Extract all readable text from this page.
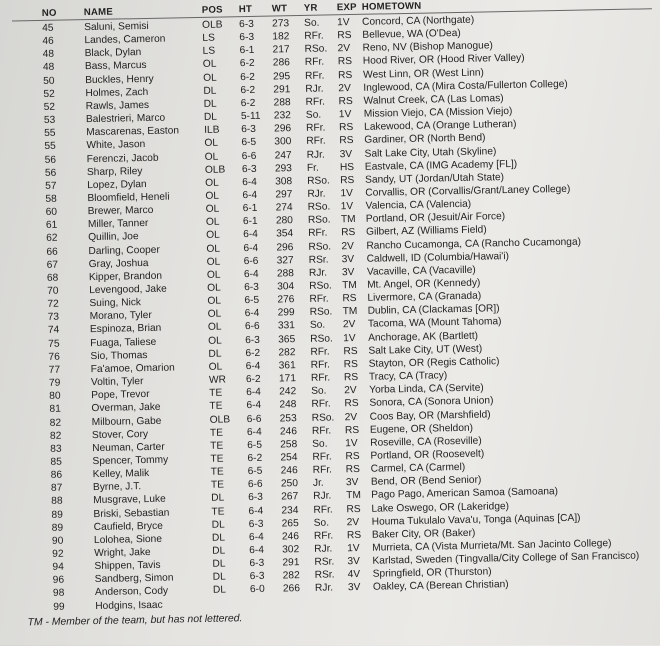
NO	NAME	POS HT WT YR EXP HOMETOWN
45	Saluni, Semisi	OLB 6-3 273 So. 1V Concord, CA (Northgate)
46	Landes, Cameron	LS 6-3 182 RFr. RS Bellevue, WA (O'Dea)
48	Black, Dylan	LS 6-1 217 RSo. 2V Reno, NV (Bishop Manogue)
48	Bass, Marcus	OL 6-2 286 RFr. RS Hood River, OR (Hood River Valley)
50	Buckles, Henry	OL 6-2 295 RFr. RS West Linn, OR (West Linn)
52	Holmes, Zach	DL 6-2 291 RJr. 2V Inglewood, CA (Mira Costa/Fullerton College)
52	Rawls, James	DL 6-2 288 RFr. RS Walnut Creek, CA (Las Lomas)
53	Balestrieri, Marco	DL 5-11 232 So. 1V Mission Viejo, CA (Mission Viejo)
55	Mascarenas, Easton ILB 6-3 296 RFr. RS Lakewood, CA (Orange Lutheran)
55	White, Jason	OL 6-5 300 RFr. RS Gardiner, OR (North Bend)
56	Ferenczi, Jacob	OL 6-6 247 RJr. 3V Salt Lake City, Utah (Skyline)
56	Sharp, Riley	OLB 6-3 293 Fr. HS Eastvale, CA (IMG Academy [FL])
57	Lopez, Dylan	OL 6-4 308 RSo. RS Sandy, UT (Jordan/Utah State)
58	Bloomfield, Heneli	OL 6-4 297 RJr. 1V Corvallis, OR (Corvallis/Grant/Laney College)
60	Brewer, Marco	OL 6-1 274 RSo. 1V Valencia, CA (Valencia)
61	Miller, Tanner	OL 6-1 280 RSo. TM Portland, OR (Jesuit/Air Force)
62	Quillin, Joe	OL 6-4 354 RFr. RS Gilbert, AZ (Williams Field)
66	Darling, Cooper	OL 6-4 296 RSo. 2V Rancho Cucamonga, CA (Rancho Cucamonga)
67	Gray, Joshua	OL 6-6 327 RSr. 3V Caldwell, ID (Columbia/Hawai'i)
68	Kipper, Brandon	OL 6-4 288 RJr. 3V Vacaville, CA (Vacaville)
70	Levengood, Jake	OL 6-3 304 RSo. TM Mt. Angel, OR (Kennedy)
72	Suing, Nick	OL 6-5 276 RFr. RS Livermore, CA (Granada)
73	Morano, Tyler	OL 6-4 299 RSo. TM Dublin, CA (Clackamas [OR])
74	Espinoza, Brian	OL 6-6 331 So. 2V Tacoma, WA (Mount Tahoma)
75	Fuaga, Taliese	OL 6-3 365 RSo. 1V Anchorage, AK (Bartlett)
76	Sio, Thomas	DL 6-2 282 RFr. RS Salt Lake City, UT (West)
77	Fa'amoe, Omarion	OL 6-4 361 RFr. RS Stayton, OR (Regis Catholic)
79	Voltin, Tyler	WR 6-2 171 RFr. RS Tracy, CA (Tracy)
80	Pope, Trevor	TE 6-4 242 So. 2V Yorba Linda, CA (Servite)
81	Overman, Jake	TE 6-4 248 RFr. RS Sonora, CA (Sonora Union)
82	Milbourn, Gabe	OLB 6-6 253 RSo. 2V Coos Bay, OR (Marshfield)
82	Stover, Cory	TE 6-4 246 RFr. RS Eugene, OR (Sheldon)
83	Neuman, Carter	TE 6-5 258 So. 1V Roseville, CA (Roseville)
85	Spencer, Tommy	TE 6-2 254 RFr. RS Portland, OR (Roosevelt)
86	Kelley, Malik	TE 6-5 246 RFr. RS Carmel, CA (Carmel)
87	Byrne, J.T.	TE 6-6 250 Jr. 3V Bend, OR (Bend Senior)
88	Musgrave, Luke	DL 6-3 267 RJr. TM Pago Pago, American Samoa (Samoana)
89	Briski, Sebastian	TE 6-4 234 RFr. RS Lake Oswego, OR (Lakeridge)
89	Caufield, Bryce	DL 6-3 265 So. 2V Houma Tukulalo Vava'u, Tonga (Aquinas [CA])
90	Lolohea, Sione	DL 6-4 246 RFr. RS Baker City, OR (Baker)
92	Wright, Jake	DL 6-4 302 RJr. 1V Murrieta, CA (Vista Murrieta/Mt. San Jacinto College)
94	Shippen, Tavis	DL 6-3 291 RSr. 3V Karlstad, Sweden (Tingvalla/City College of San Francisco)
96	Sandberg, Simon	DL 6-3 282 RSr. 4V Springfield, OR (Thurston)
98	Anderson, Cody	DL 6-0 266 RJr. 3V Oakley, CA (Berean Christian)
99	Hodgins, Isaac
TM - Member of the team, but has not lettered.
